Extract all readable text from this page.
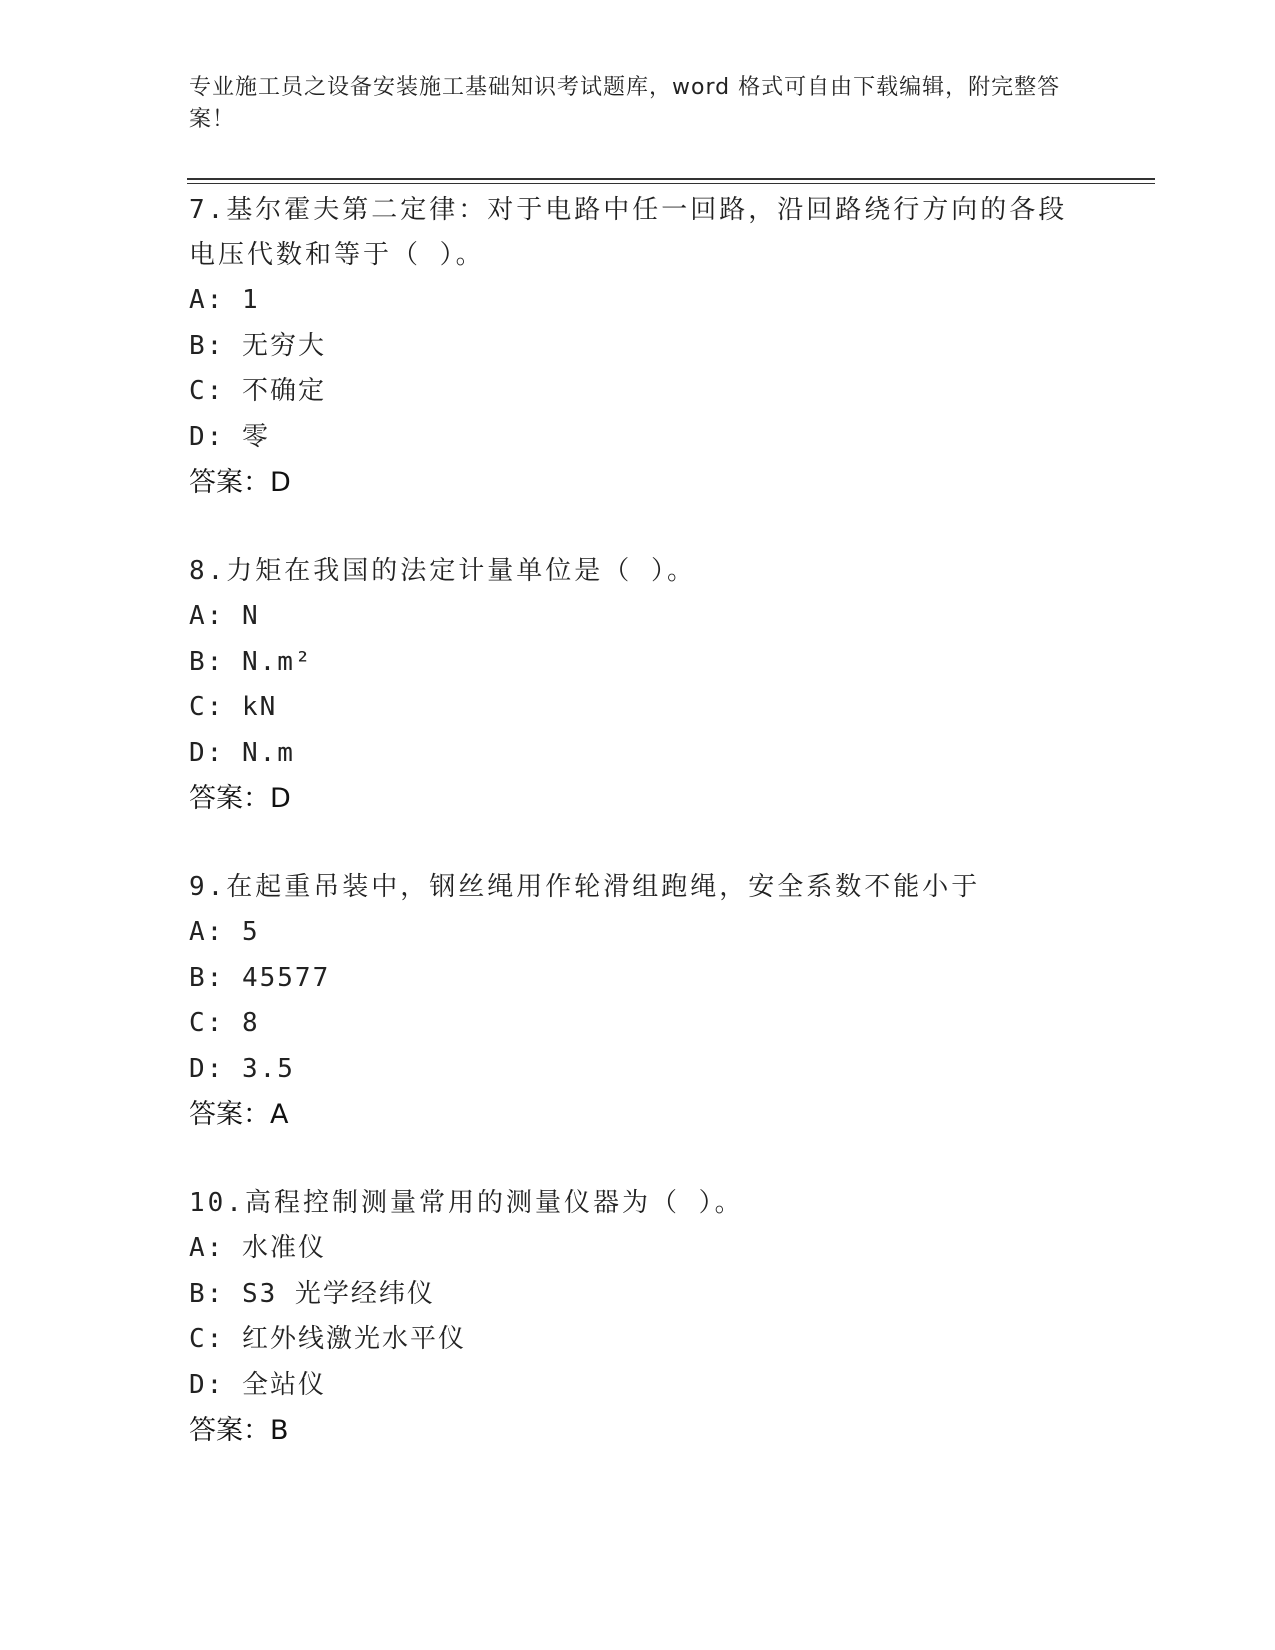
专业施工员之设备安装施工基础知识考试题库，word 格式可自由下载编辑，附完整答案！

7.基尔霍夫第二定律：对于电路中任一回路，沿回路绕行方向的各段电压代数和等于（ ）。

A: 1

B: 无穷大

C: 不确定

D: 零

答案：D

8.力矩在我国的法定计量单位是（ ）。

A: N

B: N.m²

C: kN

D: N.m

答案：D

9.在起重吊装中，钢丝绳用作轮滑组跑绳，安全系数不能小于

A: 5

B: 45577

C: 8

D: 3.5

答案：A

10.高程控制测量常用的测量仪器为（ ）。

A: 水准仪

B: S3 光学经纬仪

C: 红外线激光水平仪

D: 全站仪

答案：B
